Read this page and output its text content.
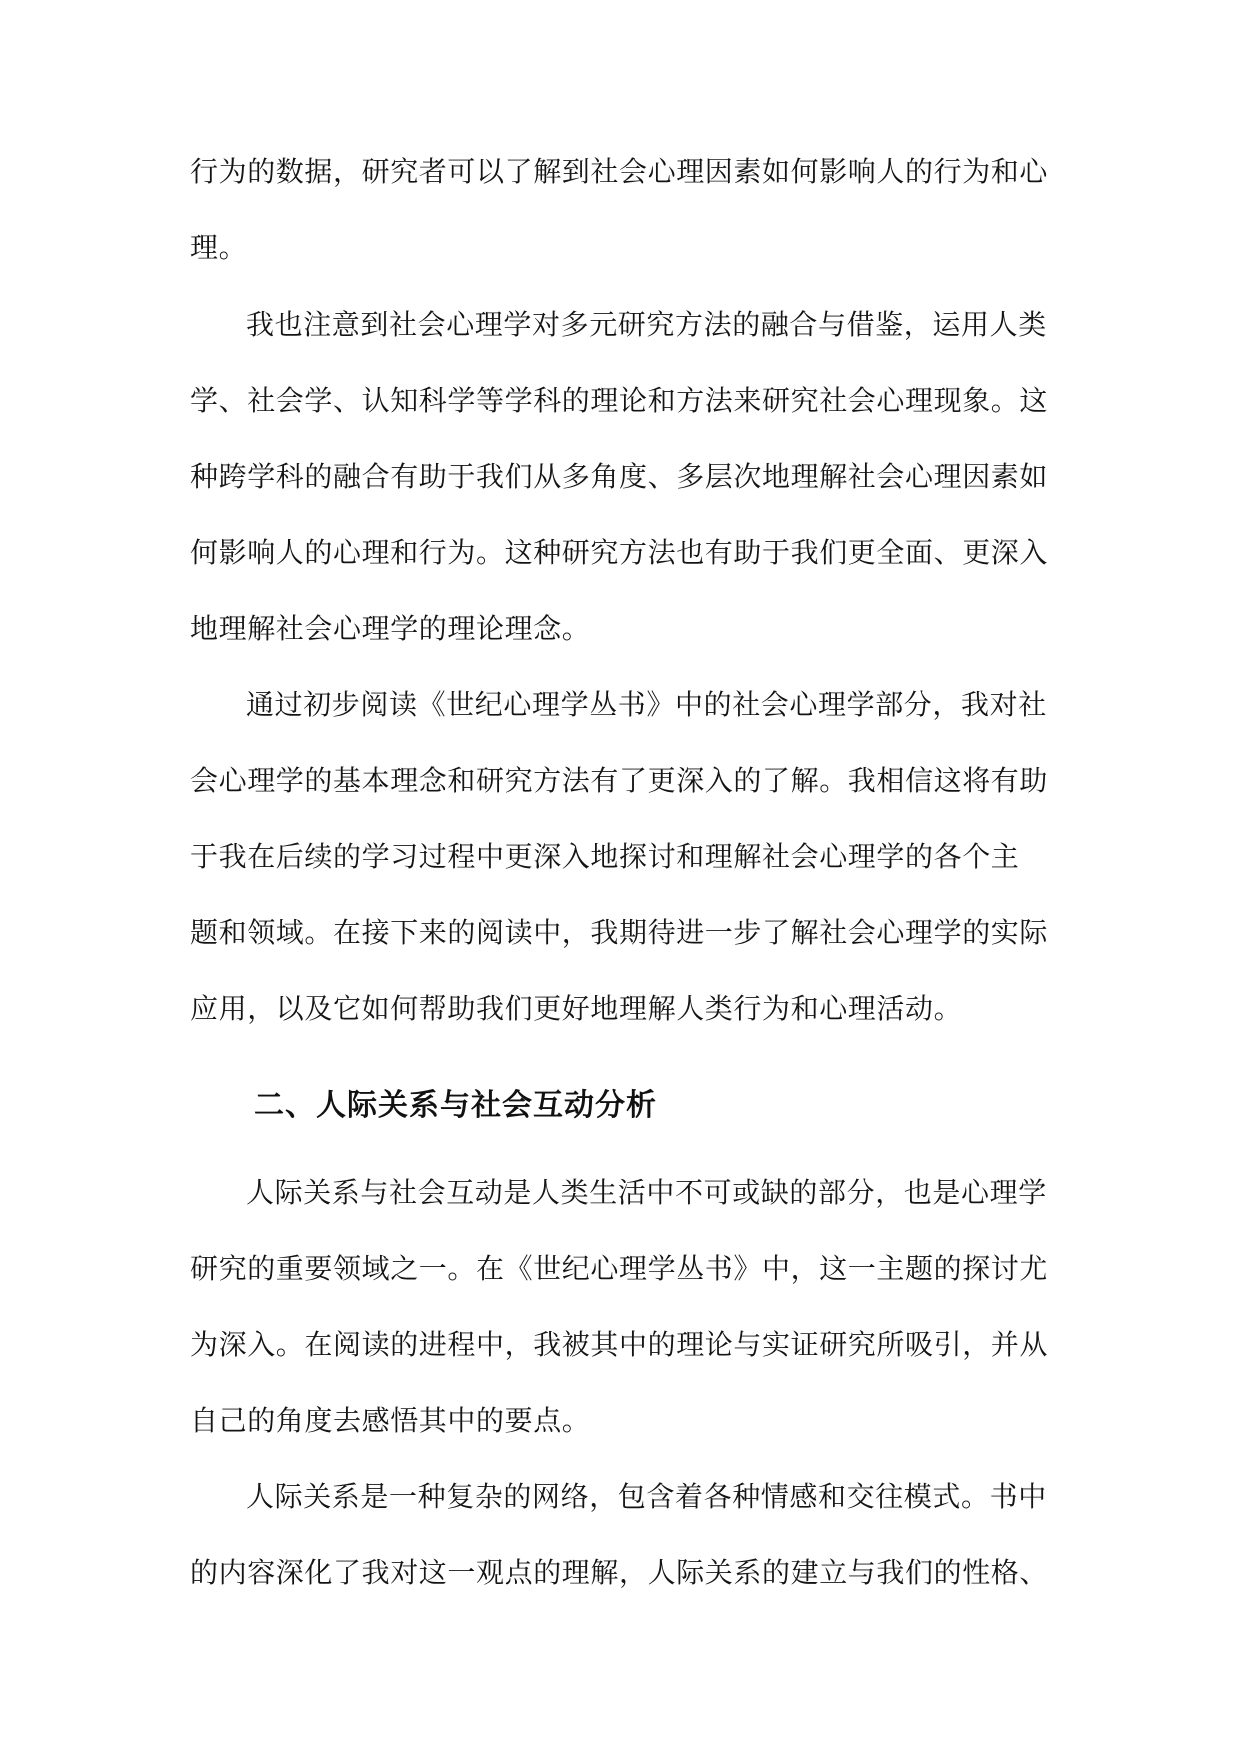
行为的数据，研究者可以了解到社会心理因素如何影响人的行为和心

理。

我也注意到社会心理学对多元研究方法的融合与借鉴，运用人类

学、社会学、认知科学等学科的理论和方法来研究社会心理现象。这

种跨学科的融合有助于我们从多角度、多层次地理解社会心理因素如

何影响人的心理和行为。这种研究方法也有助于我们更全面、更深入

地理解社会心理学的理论理念。

通过初步阅读《世纪心理学丛书》中的社会心理学部分，我对社

会心理学的基本理念和研究方法有了更深入的了解。我相信这将有助

于我在后续的学习过程中更深入地探讨和理解社会心理学的各个主

题和领域。在接下来的阅读中，我期待进一步了解社会心理学的实际

应用，以及它如何帮助我们更好地理解人类行为和心理活动。

二、人际关系与社会互动分析

人际关系与社会互动是人类生活中不可或缺的部分，也是心理学

研究的重要领域之一。在《世纪心理学丛书》中，这一主题的探讨尤

为深入。在阅读的进程中，我被其中的理论与实证研究所吸引，并从

自己的角度去感悟其中的要点。

人际关系是一种复杂的网络，包含着各种情感和交往模式。书中

的内容深化了我对这一观点的理解，人际关系的建立与我们的性格、
